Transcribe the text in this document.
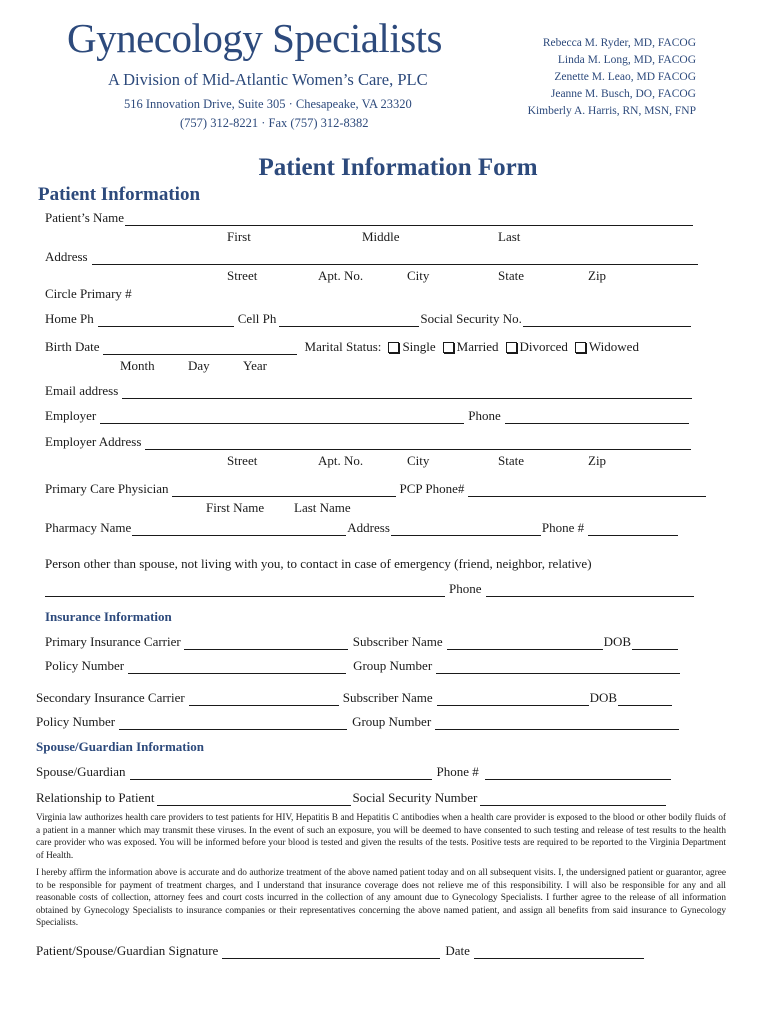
Gynecology Specialists
A Division of Mid-Atlantic Women’s Care, PLC
516 Innovation Drive, Suite 305 · Chesapeake, VA 23320
(757) 312-8221 · Fax (757) 312-8382
Rebecca M. Ryder, MD, FACOG
Linda M. Long, MD, FACOG
Zenette M. Leao, MD FACOG
Jeanne M. Busch, DO, FACOG
Kimberly A. Harris, RN, MSN, FNP
Patient Information Form
Patient Information
Patient’s Name
First	Middle	Last
Address
Street	Apt. No.	City	State	Zip
Circle Primary #
Home Ph	Cell Ph	Social Security No.
Birth Date	Marital Status: Single Married Divorced Widowed
Month	Day	Year
Email address
Employer	Phone
Employer Address
Street	Apt. No.	City	State	Zip
Primary Care Physician	PCP Phone#
First Name Last Name
Pharmacy Name	Address	Phone #
Person other than spouse, not living with you, to contact in case of emergency (friend, neighbor, relative)
Phone
Insurance Information
Primary Insurance Carrier	Subscriber Name	DOB
Policy Number	Group Number
Secondary Insurance Carrier	Subscriber Name	DOB
Policy Number	Group Number
Spouse/Guardian Information
Spouse/Guardian	Phone #
Relationship to Patient	Social Security Number
Virginia law authorizes health care providers to test patients for HIV, Hepatitis B and Hepatitis C antibodies when a health care provider is exposed to the blood or other bodily fluids of a patient in a manner which may transmit these viruses. In the event of such an exposure, you will be deemed to have consented to such testing and release of test results to the health care provider who was exposed. You will be informed before your blood is tested and given the results of the tests. Positive tests are required to be reported to the Virginia Department of Health.
I hereby affirm the information above is accurate and do authorize treatment of the above named patient today and on all subsequent visits. I, the undersigned patient or guarantor, agree to be responsible for payment of treatment charges, and I understand that insurance coverage does not relieve me of this responsibility. I will also be responsible for any and all reasonable costs of collection, attorney fees and court costs incurred in the collection of any amount due to Gynecology Specialists. I further agree to the release of all information obtained by Gynecology Specialists to insurance companies or their representatives concerning the above named patient, and assign all benefits from said insurance to Gynecology Specialists.
Patient/Spouse/Guardian Signature	Date
